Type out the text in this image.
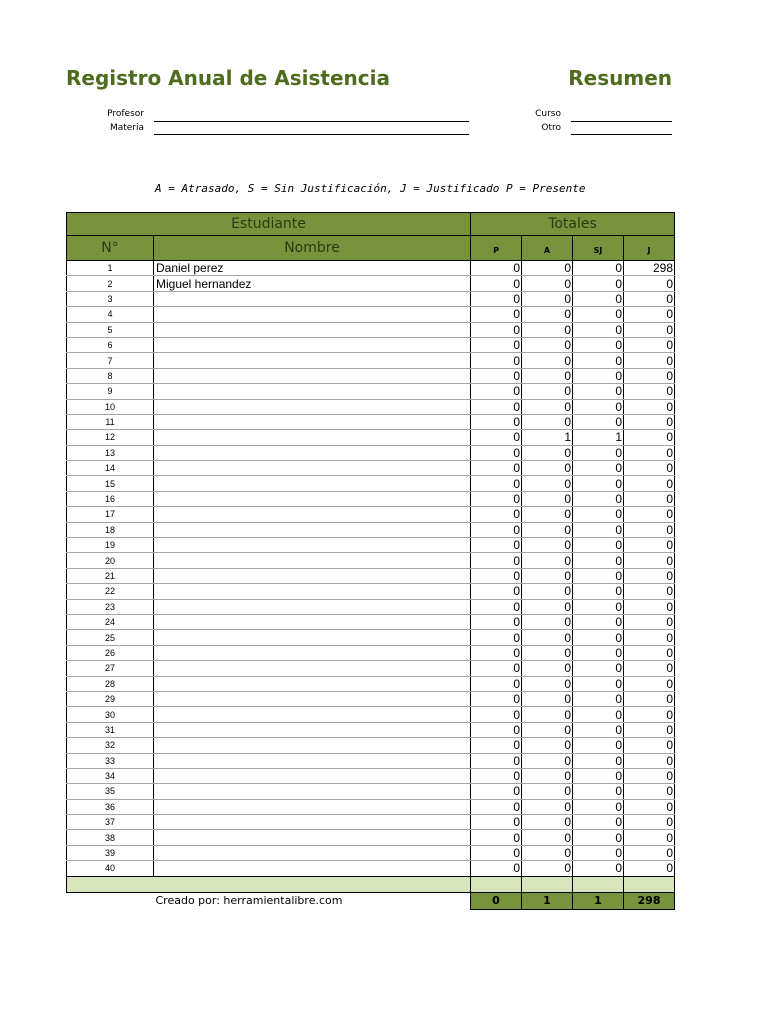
Registro Anual de Asistencia	Resumen
Profesor
Materia
Curso
Otro
A = Atrasado, S = Sin Justificación, J = Justificado P = Presente
Estudiante		Totales			
N°	Nombre	P	A	SJ	J
1	Daniel perez	0	0	0	298
2	Miguel hernandez	0	0	0	0
3		0	0	0	0
4		0	0	0	0
5		0	0	0	0
6		0	0	0	0
7		0	0	0	0
8		0	0	0	0
9		0	0	0	0
10		0	0	0	0
11		0	0	0	0
12		0	1	1	0
13		0	0	0	0
14		0	0	0	0
15		0	0	0	0
16		0	0	0	0
17		0	0	0	0
18		0	0	0	0
19		0	0	0	0
20		0	0	0	0
21		0	0	0	0
22		0	0	0	0
23		0	0	0	0
24		0	0	0	0
25		0	0	0	0
26		0	0	0	0
27		0	0	0	0
28		0	0	0	0
29		0	0	0	0
30		0	0	0	0
31		0	0	0	0
32		0	0	0	0
33		0	0	0	0
34		0	0	0	0
35		0	0	0	0
36		0	0	0	0
37		0	0	0	0
38		0	0	0	0
39		0	0	0	0
40		0	0	0	0

Creado por: herramientalibre.com		0	1	1	298
